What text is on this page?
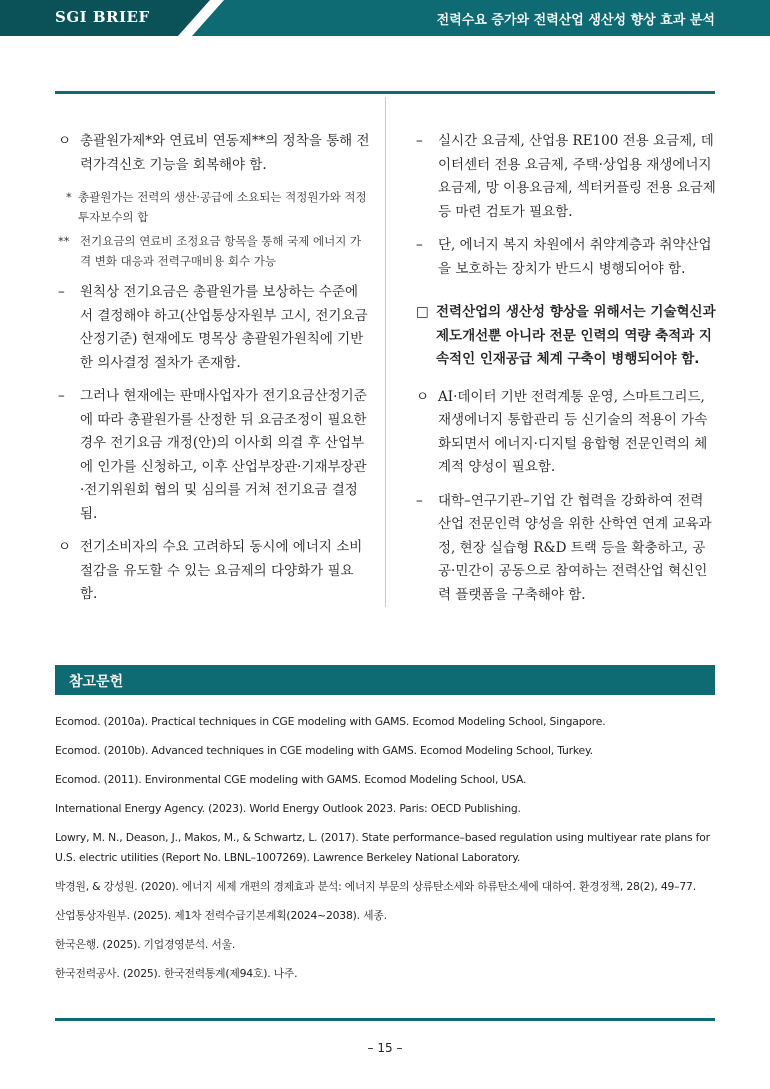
SGI BRIEF	전력수요 증가와 전력산업 생산성 향상 효과 분석
ㅇ 총괄원가제*와 연료비 연동제**의 정착을 통해 전력가격신호 기능을 회복해야 함.
* 총괄원가는 전력의 생산·공급에 소요되는 적정원가와 적정투자보수의 합
** 전기요금의 연료비 조정요금 항목을 통해 국제 에너지 가격 변화 대응과 전력구매비용 회수 가능
– 원칙상 전기요금은 총괄원가를 보상하는 수준에서 결정해야 하고(산업통상자원부 고시, 전기요금산정기준) 현재에도 명목상 총괄원가원칙에 기반한 의사결정 절차가 존재함.
– 그러나 현재에는 판매사업자가 전기요금산정기준에 따라 총괄원가를 산정한 뒤 요금조정이 필요한 경우 전기요금 개정(안)의 이사회 의결 후 산업부에 인가를 신청하고, 이후 산업부장관·기재부장관·전기위원회 협의 및 심의를 거쳐 전기요금 결정됨.
ㅇ 전기소비자의 수요 고려하되 동시에 에너지 소비 절감을 유도할 수 있는 요금제의 다양화가 필요함.
– 실시간 요금제, 산업용 RE100 전용 요금제, 데이터센터 전용 요금제, 주택·상업용 재생에너지 요금제, 망 이용요금제, 섹터커플링 전용 요금제 등 마련 검토가 필요함.
– 단, 에너지 복지 차원에서 취약계층과 취약산업을 보호하는 장치가 반드시 병행되어야 함.
□ 전력산업의 생산성 향상을 위해서는 기술혁신과 제도개선뿐 아니라 전문 인력의 역량 축적과 지속적인 인재공급 체계 구축이 병행되어야 함.
ㅇ AI·데이터 기반 전력계통 운영, 스마트그리드, 재생에너지 통합관리 등 신기술의 적용이 가속화되면서 에너지·디지털 융합형 전문인력의 체계적 양성이 필요함.
– 대학–연구기관–기업 간 협력을 강화하여 전력산업 전문인력 양성을 위한 산학연 연계 교육과정, 현장 실습형 R&D 트랙 등을 확충하고, 공공·민간이 공동으로 참여하는 전력산업 혁신인력 플랫폼을 구축해야 함.
참고문헌
Ecomod. (2010a). Practical techniques in CGE modeling with GAMS. Ecomod Modeling School, Singapore.
Ecomod. (2010b). Advanced techniques in CGE modeling with GAMS. Ecomod Modeling School, Turkey.
Ecomod. (2011). Environmental CGE modeling with GAMS. Ecomod Modeling School, USA.
International Energy Agency. (2023). World Energy Outlook 2023. Paris: OECD Publishing.
Lowry, M. N., Deason, J., Makos, M., & Schwartz, L. (2017). State performance–based regulation using multiyear rate plans for U.S. electric utilities (Report No. LBNL–1007269). Lawrence Berkeley National Laboratory.
박경원, & 강성원. (2020). 에너지 세제 개편의 경제효과 분석: 에너지 부문의 상류탄소세와 하류탄소세에 대하여. 환경정책, 28(2), 49–77.
산업통상자원부. (2025). 제1차 전력수급기본계획(2024~2038). 세종.
한국은행. (2025). 기업경영분석. 서울.
한국전력공사. (2025). 한국전력통계(제94호). 나주.
– 15 –
